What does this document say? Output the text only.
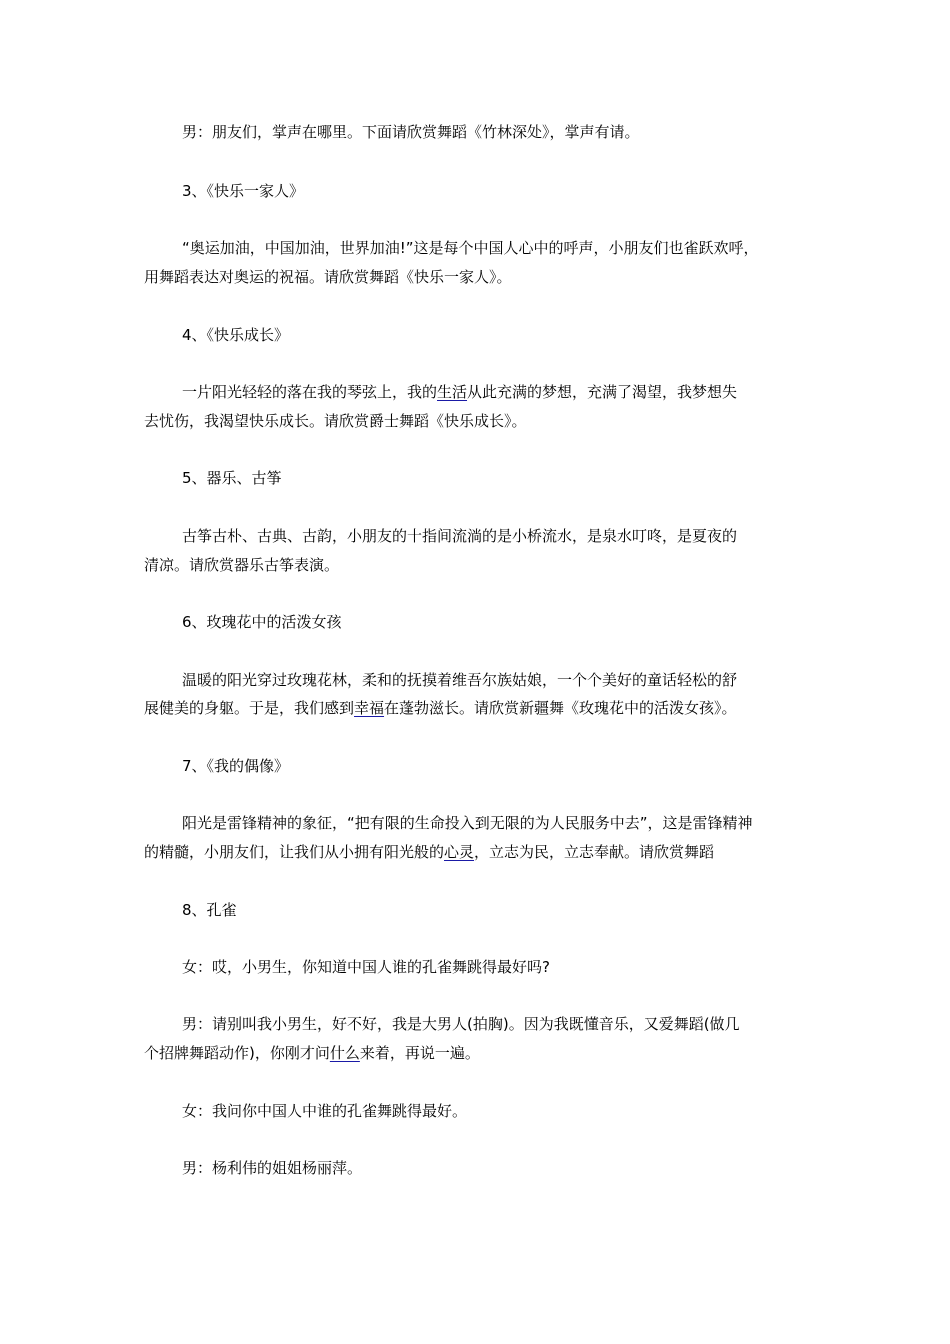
男：朋友们，掌声在哪里。下面请欣赏舞蹈《竹林深处》，掌声有请。
3、《快乐一家人》
“奥运加油，中国加油，世界加油!”这是每个中国人心中的呼声，小朋友们也雀跃欢呼，
用舞蹈表达对奥运的祝福。请欣赏舞蹈《快乐一家人》。
4、《快乐成长》
一片阳光轻轻的落在我的琴弦上，我的生活从此充满的梦想，充满了渴望，我梦想失
去忧伤，我渴望快乐成长。请欣赏爵士舞蹈《快乐成长》。
5、器乐、古筝
古筝古朴、古典、古韵，小朋友的十指间流淌的是小桥流水，是泉水叮咚，是夏夜的
清凉。请欣赏器乐古筝表演。
6、玫瑰花中的活泼女孩
温暖的阳光穿过玫瑰花林，柔和的抚摸着维吾尔族姑娘，一个个美好的童话轻松的舒
展健美的身躯。于是，我们感到幸福在蓬勃滋长。请欣赏新疆舞《玫瑰花中的活泼女孩》。
7、《我的偶像》
阳光是雷锋精神的象征，“把有限的生命投入到无限的为人民服务中去”，这是雷锋精神
的精髓，小朋友们，让我们从小拥有阳光般的心灵，立志为民，立志奉献。请欣赏舞蹈
8、孔雀
女：哎，小男生，你知道中国人谁的孔雀舞跳得最好吗?
男：请别叫我小男生，好不好，我是大男人(拍胸)。因为我既懂音乐，又爱舞蹈(做几
个招牌舞蹈动作)，你刚才问什么来着，再说一遍。
女：我问你中国人中谁的孔雀舞跳得最好。
男：杨利伟的姐姐杨丽萍。
